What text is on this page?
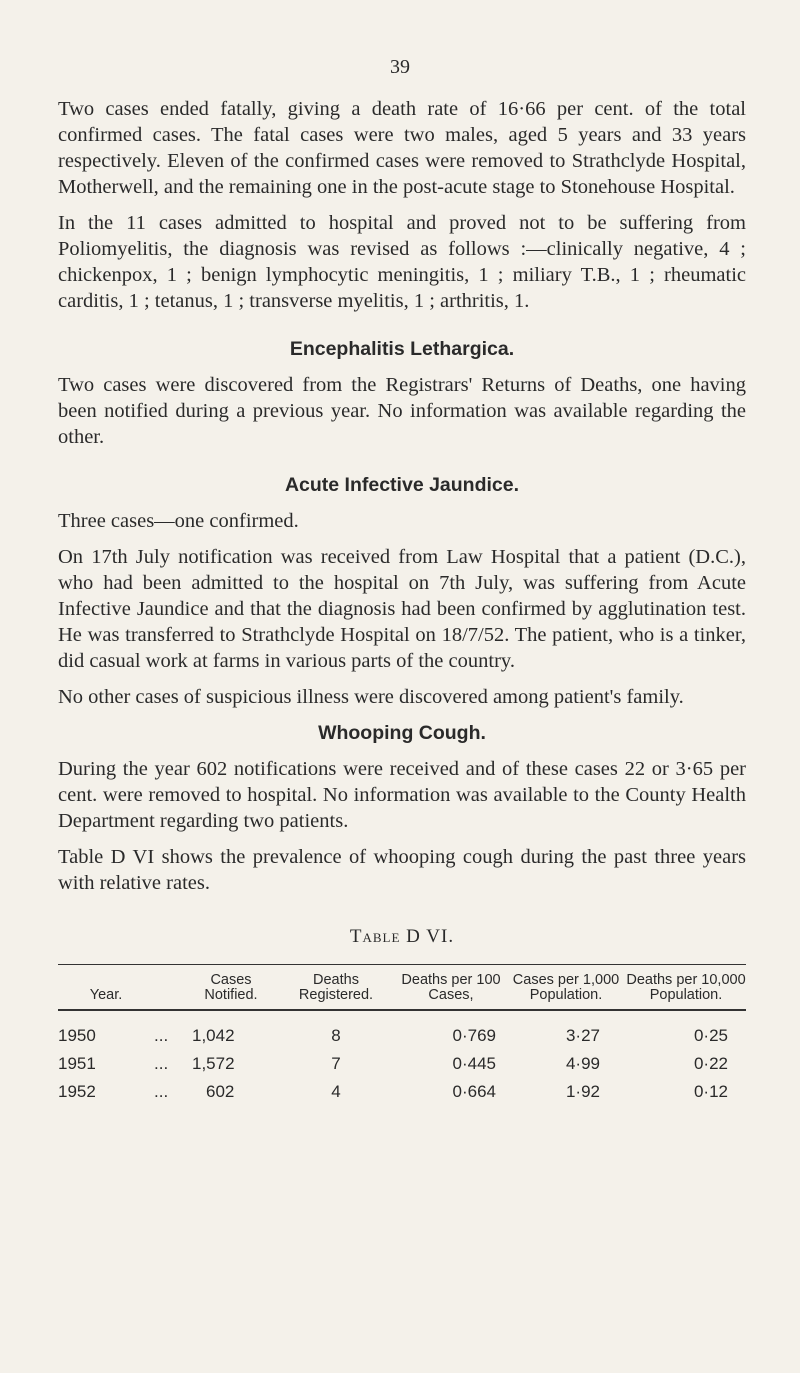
39

Two cases ended fatally, giving a death rate of 16·66 per cent. of the total confirmed cases. The fatal cases were two males, aged 5 years and 33 years respectively. Eleven of the confirmed cases were removed to Strathclyde Hospital, Motherwell, and the remaining one in the post-acute stage to Stonehouse Hospital.

In the 11 cases admitted to hospital and proved not to be suffering from Poliomyelitis, the diagnosis was revised as follows :—clinically negative, 4 ; chickenpox, 1 ; benign lymphocytic meningitis, 1 ; miliary T.B., 1 ; rheumatic carditis, 1 ; tetanus, 1 ; transverse myelitis, 1 ; arthritis, 1.

Encephalitis Lethargica.

Two cases were discovered from the Registrars' Returns of Deaths, one having been notified during a previous year. No information was available regarding the other.

Acute Infective Jaundice.

Three cases—one confirmed.

On 17th July notification was received from Law Hospital that a patient (D.C.), who had been admitted to the hospital on 7th July, was suffering from Acute Infective Jaundice and that the diagnosis had been confirmed by agglutination test. He was transferred to Strathclyde Hospital on 18/7/52. The patient, who is a tinker, did casual work at farms in various parts of the country.

No other cases of suspicious illness were discovered among patient's family.

Whooping Cough.

During the year 602 notifications were received and of these cases 22 or 3·65 per cent. were removed to hospital. No information was available to the County Health Department regarding two patients.

Table D VI shows the prevalence of whooping cough during the past three years with relative rates.

Table D VI.
Year.		Cases Notified.	Deaths Registered.	Deaths per 100 Cases,	Cases per 1,000 Population.	Deaths per 10,000 Population.
1950	...	1,042	8	0·769	3·27	0·25
1951	...	1,572	7	0·445	4·99	0·22
1952	...	602	4	0·664	1·92	0·12
